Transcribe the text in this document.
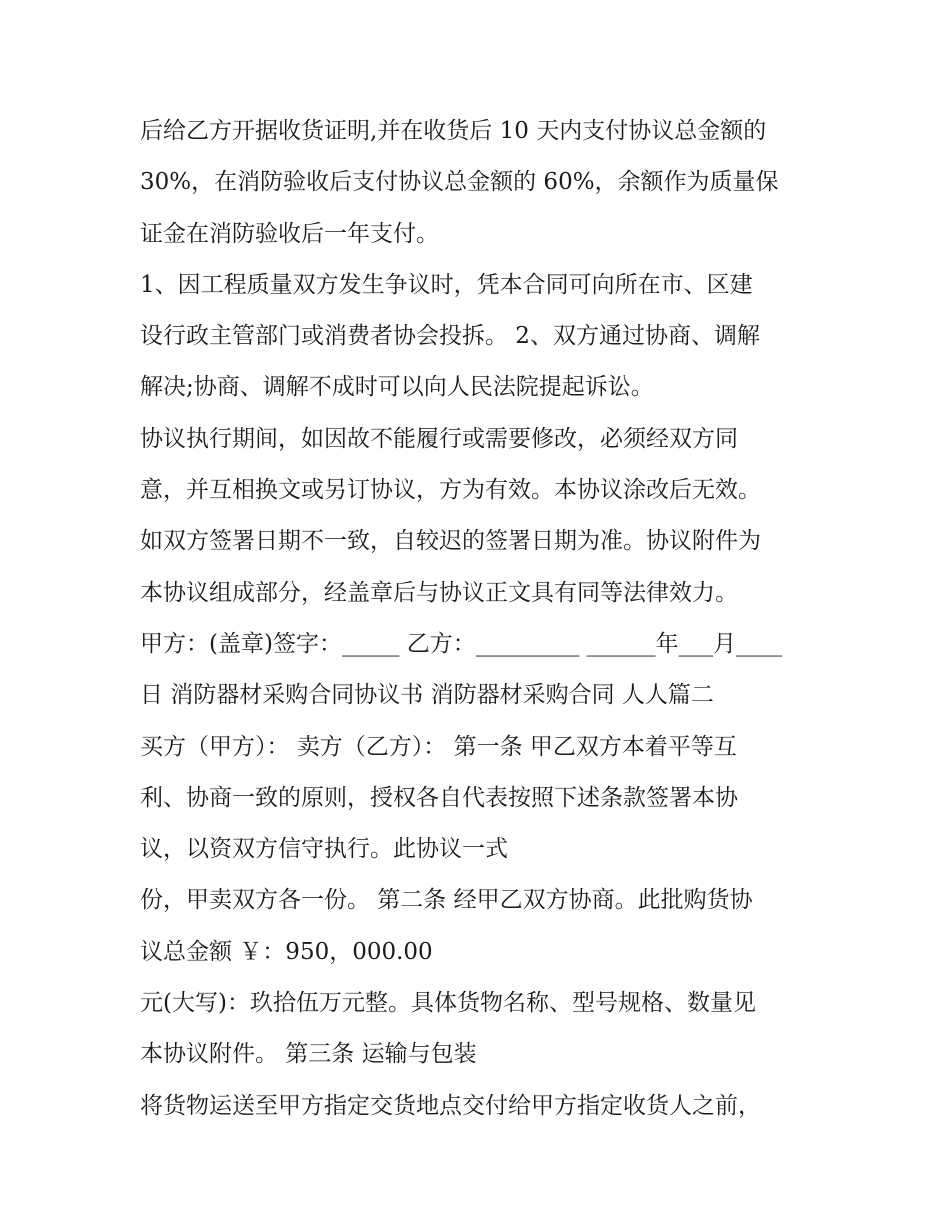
后给乙方开据收货证明,并在收货后 10 天内支付协议总金额的
30%，在消防验收后支付协议总金额的 60%，余额作为质量保
证金在消防验收后一年支付。
1、因工程质量双方发生争议时，凭本合同可向所在市、区建
设行政主管部门或消费者协会投拆。 2、双方通过协商、调解
解决;协商、调解不成时可以向人民法院提起诉讼。
协议执行期间，如因故不能履行或需要修改，必须经双方同
意，并互相换文或另订协议，方为有效。本协议涂改后无效。
如双方签署日期不一致，自较迟的签署日期为准。协议附件为
本协议组成部分，经盖章后与协议正文具有同等法律效力。
甲方：(盖章)签字：_____ 乙方：_________ ______年___月____
日 消防器材采购合同协议书 消防器材采购合同 人人篇二
买方（甲方）： 卖方（乙方）： 第一条 甲乙双方本着平等互
利、协商一致的原则，授权各自代表按照下述条款签署本协
议，以资双方信守执行。此协议一式
份，甲卖双方各一份。 第二条 经甲乙双方协商。此批购货协
议总金额 ￥：950，000.00
元(大写)：玖拾伍万元整。具体货物名称、型号规格、数量见
本协议附件。 第三条 运输与包装
将货物运送至甲方指定交货地点交付给甲方指定收货人之前，
